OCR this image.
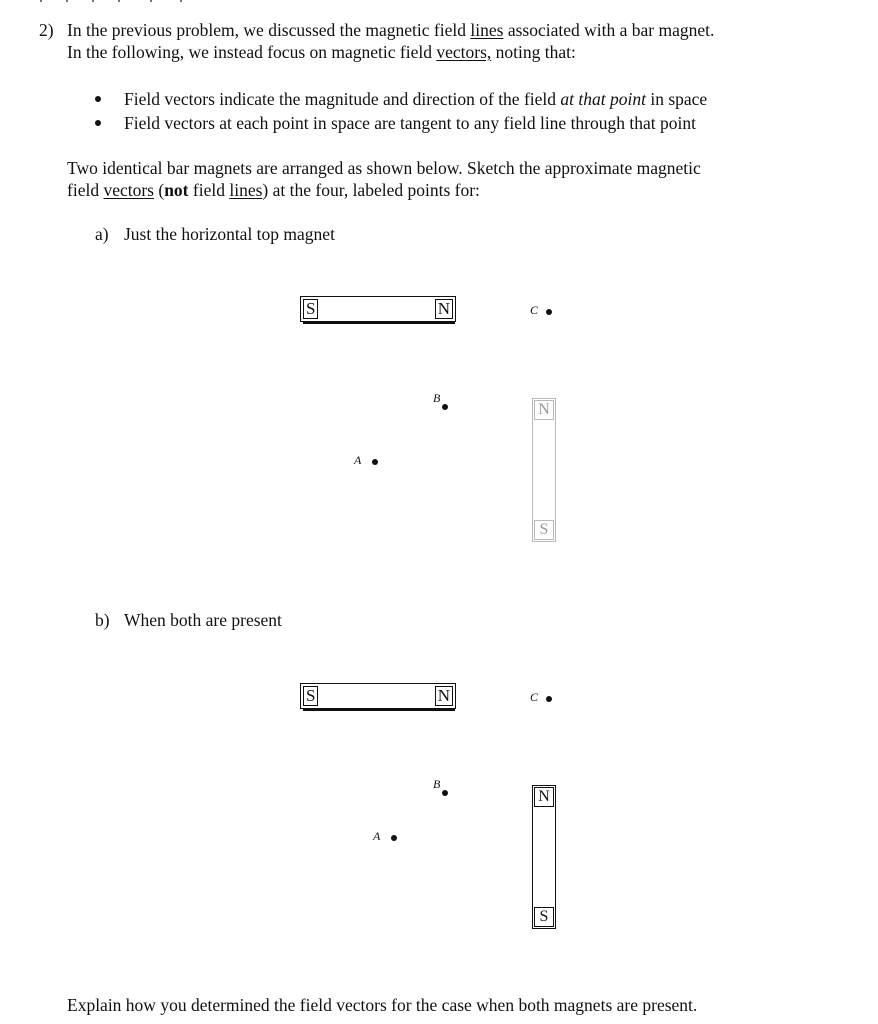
2) In the previous problem, we discussed the magnetic field lines associated with a bar magnet.
In the following, we instead focus on magnetic field vectors, noting that:
Field vectors indicate the magnitude and direction of the field at that point in space
Field vectors at each point in space are tangent to any field line through that point
Two identical bar magnets are arranged as shown below. Sketch the approximate magnetic
field vectors (not field lines) at the four, labeled points for:
a) Just the horizontal top magnet
S	N	C
B
A
N
S
b) When both are present
S	N	C
B
A
N
S
Explain how you determined the field vectors for the case when both magnets are present.
